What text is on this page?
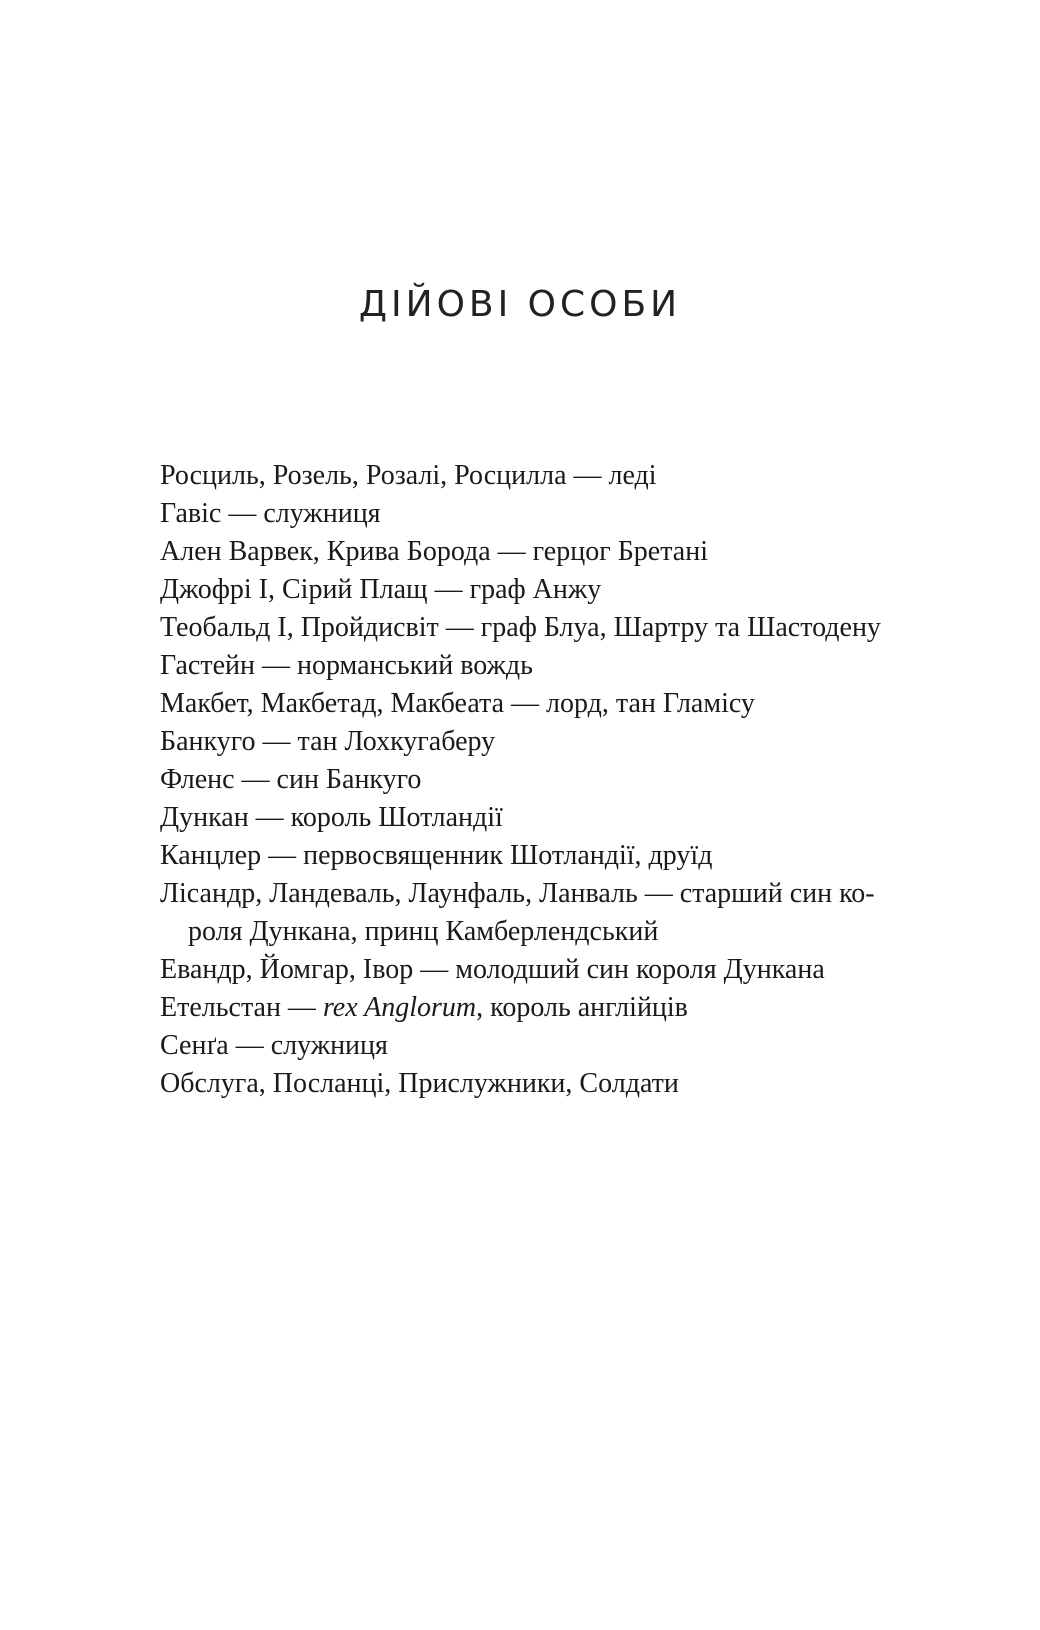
ДІЙОВІ ОСОБИ
Росциль, Розель, Розалі, Росцилла — леді
Гавіс — служниця
Ален Варвек, Крива Борода — герцог Бретані
Джофрі І, Сірий Плащ — граф Анжу
Теобальд І, Пройдисвіт — граф Блуа, Шартру та Шастодену
Гастейн — норманський вождь
Макбет, Макбетад, Макбеата — лорд, тан Гламісу
Банкуго — тан Лохкугаберу
Фленс — син Банкуго
Дункан — король Шотландії
Канцлер — первосвященник Шотландії, друїд
Лісандр, Ландеваль, Лаунфаль, Ланваль — старший син ко-
роля Дункана, принц Камберлендський
Евандр, Йомгар, Івор — молодший син короля Дункана
Етельстан — rex Anglorum, король англійців
Сенґа — служниця
Обслуга, Посланці, Прислужники, Солдати
